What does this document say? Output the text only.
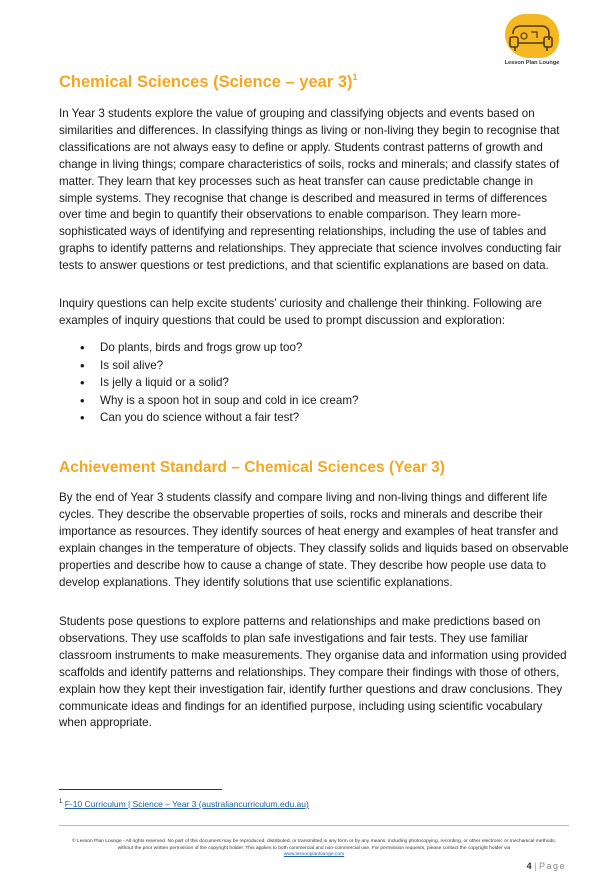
Lesson Plan Lounge
Chemical Sciences (Science – year 3)$^1$

In Year 3 students explore the value of grouping and classifying objects and events based on similarities and differences. In classifying things as living or non-living they begin to recognise that classifications are not always easy to define or apply. Students contrast patterns of growth and change in living things; compare characteristics of soils, rocks and minerals; and classify states of matter. They learn that key processes such as heat transfer can cause predictable change in simple systems. They recognise that change is described and measured in terms of differences over time and begin to quantify their observations to enable comparison. They learn more-sophisticated ways of identifying and representing relationships, including the use of tables and graphs to identify patterns and relationships. They appreciate that science involves conducting fair tests to answer questions or test predictions, and that scientific explanations are based on data.

Inquiry questions can help excite students’ curiosity and challenge their thinking. Following are examples of inquiry questions that could be used to prompt discussion and exploration:

• Do plants, birds and frogs grow up too?
• Is soil alive?
• Is jelly a liquid or a solid?
• Why is a spoon hot in soup and cold in ice cream?
• Can you do science without a fair test?
Achievement Standard – Chemical Sciences (Year 3)

By the end of Year 3 students classify and compare living and non-living things and different life cycles. They describe the observable properties of soils, rocks and minerals and describe their importance as resources. They identify sources of heat energy and examples of heat transfer and explain changes in the temperature of objects. They classify solids and liquids based on observable properties and describe how to cause a change of state. They describe how people use data to develop explanations. They identify solutions that use scientific explanations.

Students pose questions to explore patterns and relationships and make predictions based on observations. They use scaffolds to plan safe investigations and fair tests. They use familiar classroom instruments to make measurements. They organise data and information using provided scaffolds and identify patterns and relationships. They compare their findings with those of others, explain how they kept their investigation fair, identify further questions and draw conclusions. They communicate ideas and findings for an identified purpose, including using scientific vocabulary when appropriate.

$^1$ F-10 Curriculum | Science – Year 3 (australiancurriculum.edu.au)
© Lesson Plan Lounge - All rights reserved. No part of this document may be reproduced, distributed, or transmitted in any form or by any means, including photocopying, recording, or other electronic or mechanical methods, without the prior written permission of the copyright holder. This applies to both commercial and non-commercial use. For permission requests, please contact the copyright holder via
www.lessonplanlounge.com
4 | Page
